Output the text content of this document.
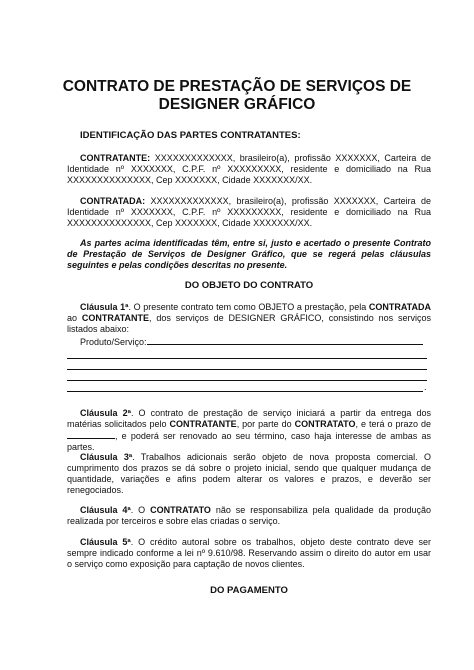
CONTRATO DE PRESTAÇÃO DE SERVIÇOS DE
DESIGNER GRÁFICO

IDENTIFICAÇÃO DAS PARTES CONTRATANTES:

CONTRATANTE: XXXXXXXXXXXXX, brasileiro(a), profissão XXXXXXX, Carteira de Identidade nº XXXXXXX, C.P.F. nº XXXXXXXXX, residente e domiciliado na Rua XXXXXXXXXXXXXX, Cep XXXXXXX, Cidade XXXXXXX/XX.

CONTRATADA: XXXXXXXXXXXXX, brasileiro(a), profissão XXXXXXX, Carteira de Identidade nº XXXXXXX, C.P.F. nº XXXXXXXXX, residente e domiciliado na Rua XXXXXXXXXXXXXX, Cep XXXXXXX, Cidade XXXXXXX/XX.

As partes acima identificadas têm, entre si, justo e acertado o presente Contrato de Prestação de Serviços de Designer Gráfico, que se regerá pelas cláusulas seguintes e pelas condições descritas no presente.

DO OBJETO DO CONTRATO

Cláusula 1ª. O presente contrato tem como OBJETO a prestação, pela CONTRATADA ao CONTRATANTE, dos serviços de DESIGNER GRÁFICO, consistindo nos serviços listados abaixo:

Produto/Serviço:

.

Cláusula 2ª. O contrato de prestação de serviço iniciará a partir da entrega dos matérias solicitados pelo CONTRATANTE, por parte do CONTRATATO, e terá o prazo de , e poderá ser renovado ao seu término, caso haja interesse de ambas as partes.

Cláusula 3ª. Trabalhos adicionais serão objeto de nova proposta comercial. O cumprimento dos prazos se dá sobre o projeto inicial, sendo que qualquer mudança de quantidade, variações e afins podem alterar os valores e prazos, e deverão ser renegociados.

Cláusula 4ª. O CONTRATATO não se responsabiliza pela qualidade da produção realizada por terceiros e sobre elas criadas o serviço.

Cláusula 5ª. O crédito autoral sobre os trabalhos, objeto deste contrato deve ser sempre indicado conforme a lei nº 9.610/98. Reservando assim o direito do autor em usar o serviço como exposição para captação de novos clientes.

DO PAGAMENTO
